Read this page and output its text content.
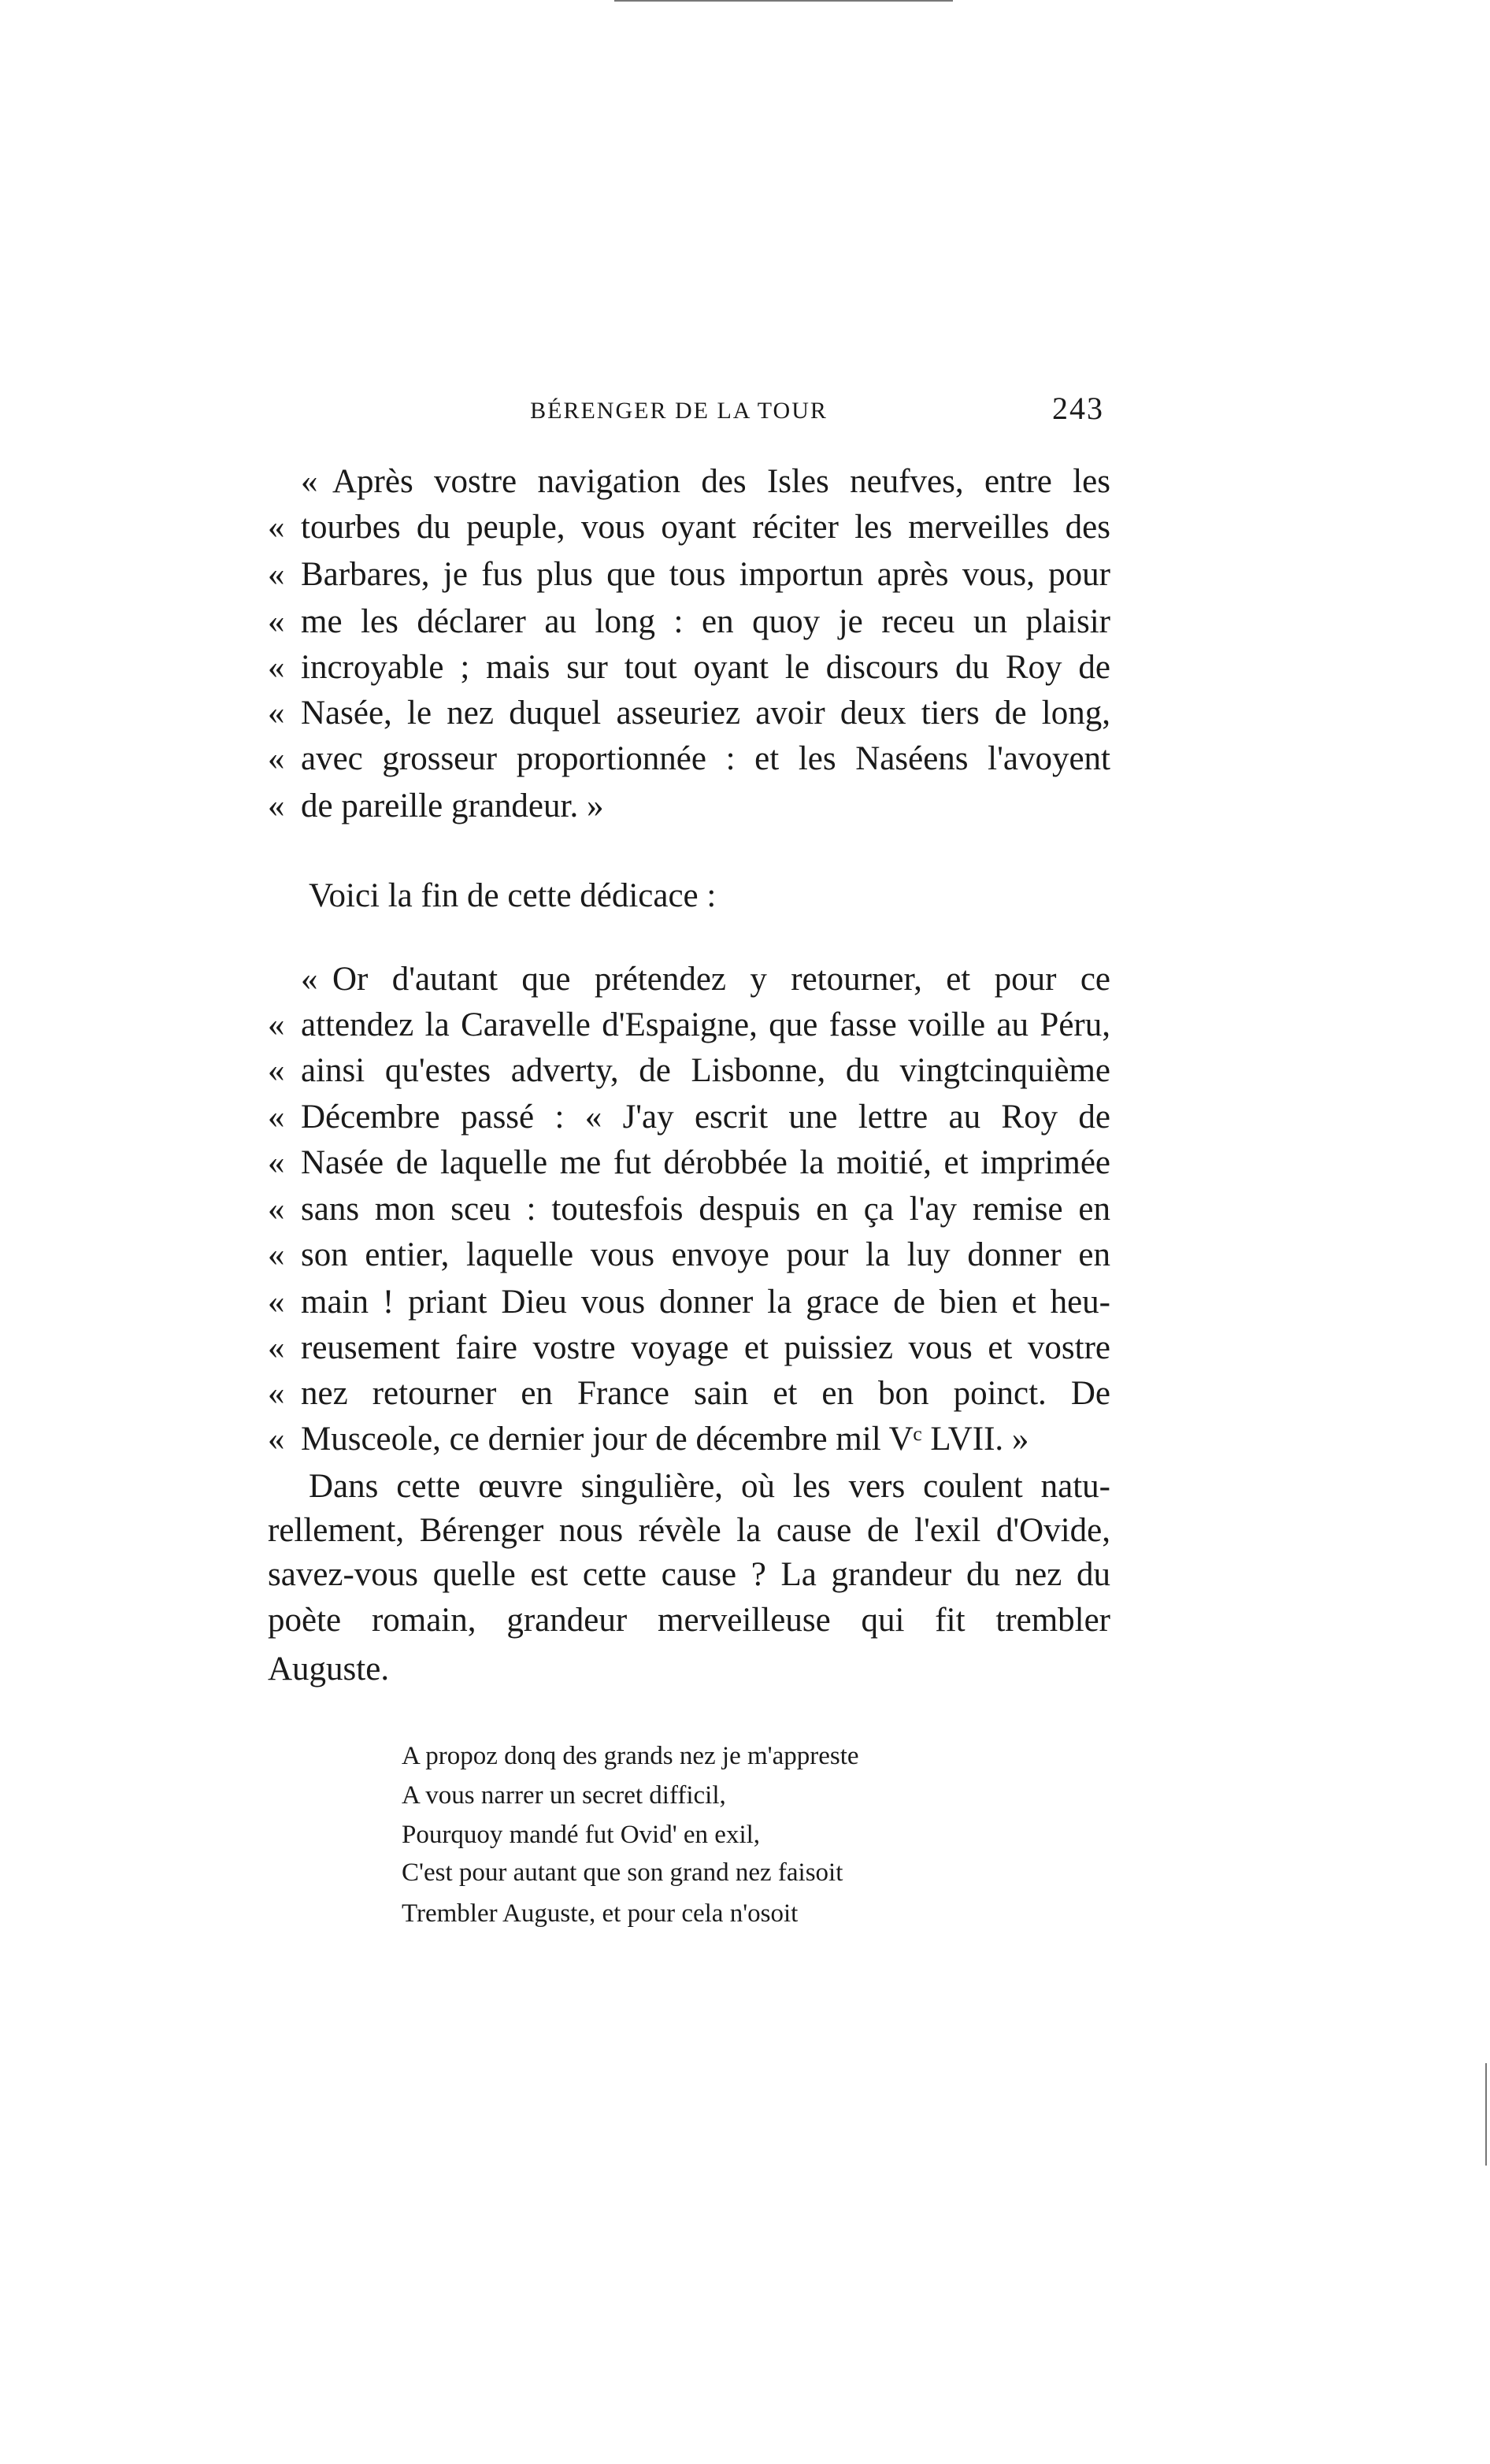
BÉRENGER DE LA TOUR	243
« Après vostre navigation des Isles neufves, entre les
« tourbes du peuple, vous oyant réciter les merveilles des
« Barbares, je fus plus que tous importun après vous, pour
« me les déclarer au long : en quoy je receu un plaisir
« incroyable ; mais sur tout oyant le discours du Roy de
« Nasée, le nez duquel asseuriez avoir deux tiers de long,
« avec grosseur proportionnée : et les Naséens l'avoyent
« de pareille grandeur. »
Voici la fin de cette dédicace :
« Or d'autant que prétendez y retourner, et pour ce
« attendez la Caravelle d'Espaigne, que fasse voille au Péru,
« ainsi qu'estes adverty, de Lisbonne, du vingtcinquième
« Décembre passé : « J'ay escrit une lettre au Roy de
« Nasée de laquelle me fut dérobbée la moitié, et imprimée
« sans mon sceu : toutesfois despuis en ça l'ay remise en
« son entier, laquelle vous envoye pour la luy donner en
« main ! priant Dieu vous donner la grace de bien et heu-
« reusement faire vostre voyage et puissiez vous et vostre
« nez retourner en France sain et en bon poinct. De
« Musceole, ce dernier jour de décembre mil Vᶜ LVII. »
Dans cette œuvre singulière, où les vers coulent natu-
rellement, Bérenger nous révèle la cause de l'exil d'Ovide,
savez-vous quelle est cette cause ? La grandeur du nez du
poète romain, grandeur merveilleuse qui fit trembler
Auguste.
A propoz donq des grands nez je m'appreste
A vous narrer un secret difficil,
Pourquoy mandé fut Ovid' en exil,
C'est pour autant que son grand nez faisoit
Trembler Auguste, et pour cela n'osoit
